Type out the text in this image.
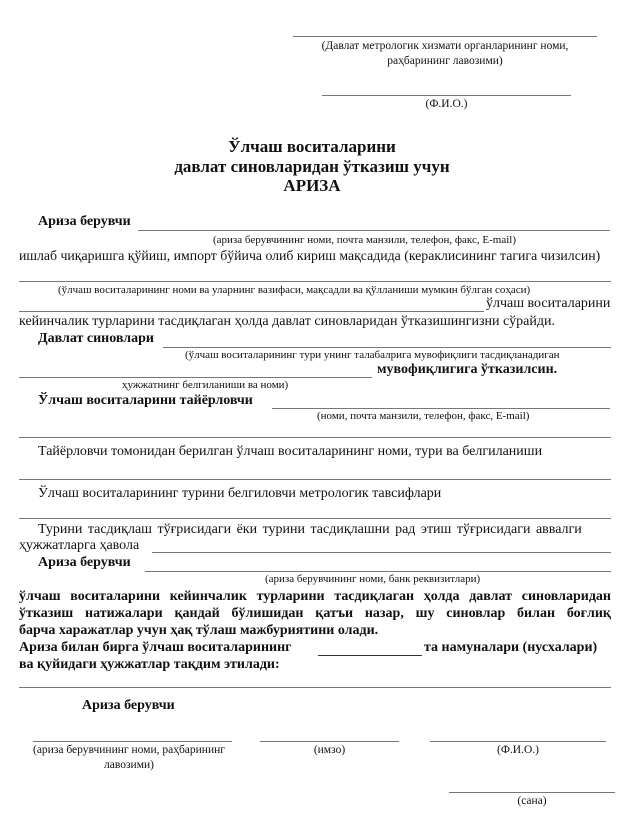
(Давлат метрологик хизмати органларининг номи,
раҳбарининг лавозими)
(Ф.И.О.)
Ўлчаш воситаларини
давлат синовларидан ўтказиш учун
АРИЗА
Ариза берувчи
(ариза берувчининг номи, почта манзили, телефон, факс, E-mail)
ишлаб чиқаришга қўйиш, импорт бўйича олиб кириш мақсадида (кераклисининг тагига чизилсин)
(ўлчаш воситаларининг номи ва уларнинг вазифаси, мақсадли ва қўлланиши мумкин бўлган соҳаси)
ўлчаш воситаларини
кейинчалик турларини тасдиқлаган ҳолда давлат синовларидан ўтказишингизни сўрайди.
Давлат синовлари
(ўлчаш воситаларининг тури унинг талабалрига мувофиқлиги тасдиқланадиган
мувофиқлигига ўтказилсин.
ҳужжатнинг белгиланиши ва номи)
Ўлчаш воситаларини тайёрловчи
(номи, почта манзили, телефон, факс, E-mail)
Тайёрловчи томонидан берилган ўлчаш воситаларининг номи, тури ва белгиланиши
Ўлчаш воситаларининг турини белгиловчи метрологик тавсифлари
Турини тасдиқлаш тўғрисидаги ёки турини тасдиқлашни рад этиш тўғрисидаги аввалги
ҳужжатларга ҳавола
Ариза берувчи
(ариза берувчининг номи, банк реквизитлари)
ўлчаш воситаларини кейинчалик турларини тасдиқлаган ҳолда давлат синовларидан
ўтказиш натижалари қандай бўлишидан қатъи назар, шу синовлар билан боғлиқ
барча харажатлар учун ҳақ тўлаш мажбуриятини олади.
Ариза билан бирга ўлчаш воситаларининг	та намуналари (нусхалари)
ва қуйидаги ҳужжатлар тақдим этилади:
Ариза берувчи
(ариза берувчининг номи, раҳбарининг
лавозими)
(имзо)	(Ф.И.О.)
(сана)
